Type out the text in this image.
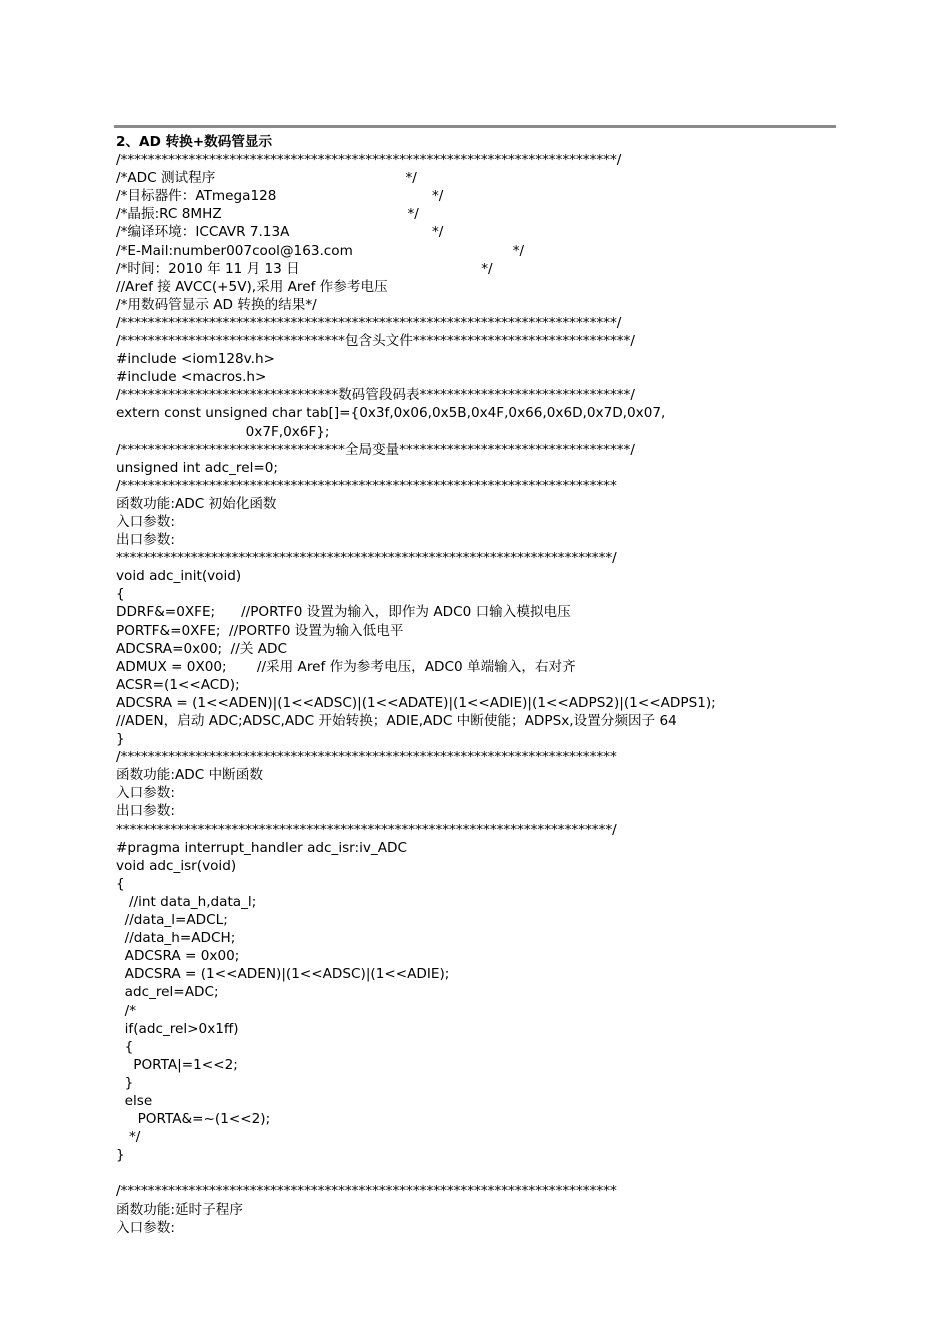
2、AD 转换+数码管显示
/*************************************************************************/
/*ADC 测试程序                                            */
/*目标器件：ATmega128                                    */
/*晶振:RC 8MHZ                                           */
/*编译环境：ICCAVR 7.13A                                 */
/*E-Mail:number007cool@163.com                                     */
/*时间：2010 年 11 月 13 日                                          */
//Aref 接 AVCC(+5V),采用 Aref 作参考电压
/*用数码管显示 AD 转换的结果*/
/*************************************************************************/
/*********************************包含头文件********************************/
#include <iom128v.h>
#include <macros.h>
/********************************数码管段码表*******************************/
extern const unsigned char tab[]={0x3f,0x06,0x5B,0x4F,0x66,0x6D,0x7D,0x07,
0x7F,0x6F};
/*********************************全局变量**********************************/
unsigned int adc_rel=0;
/*************************************************************************
函数功能:ADC 初始化函数
入口参数:
出口参数:
*************************************************************************/
void adc_init(void)
{
DDRF&=0XFE;      //PORTF0 设置为输入，即作为 ADC0 口输入模拟电压
PORTF&=0XFE;  //PORTF0 设置为输入低电平
ADCSRA=0x00;  //关 ADC
ADMUX = 0X00;       //采用 Aref 作为参考电压，ADC0 单端输入，右对齐
ACSR=(1<<ACD);
ADCSRA = (1<<ADEN)|(1<<ADSC)|(1<<ADATE)|(1<<ADIE)|(1<<ADPS2)|(1<<ADPS1);
//ADEN，启动 ADC;ADSC,ADC 开始转换；ADIE,ADC 中断使能；ADPSx,设置分频因子 64
}
/*************************************************************************
函数功能:ADC 中断函数
入口参数:
出口参数:
*************************************************************************/
#pragma interrupt_handler adc_isr:iv_ADC
void adc_isr(void)
{
//int data_h,data_l;
//data_l=ADCL;
//data_h=ADCH;
ADCSRA = 0x00;
ADCSRA = (1<<ADEN)|(1<<ADSC)|(1<<ADIE);
adc_rel=ADC;
/*
if(adc_rel>0x1ff)
{
PORTA|=1<<2;
}
else
PORTA&=~(1<<2);
*/
}
/*************************************************************************
函数功能:延时子程序
入口参数:
